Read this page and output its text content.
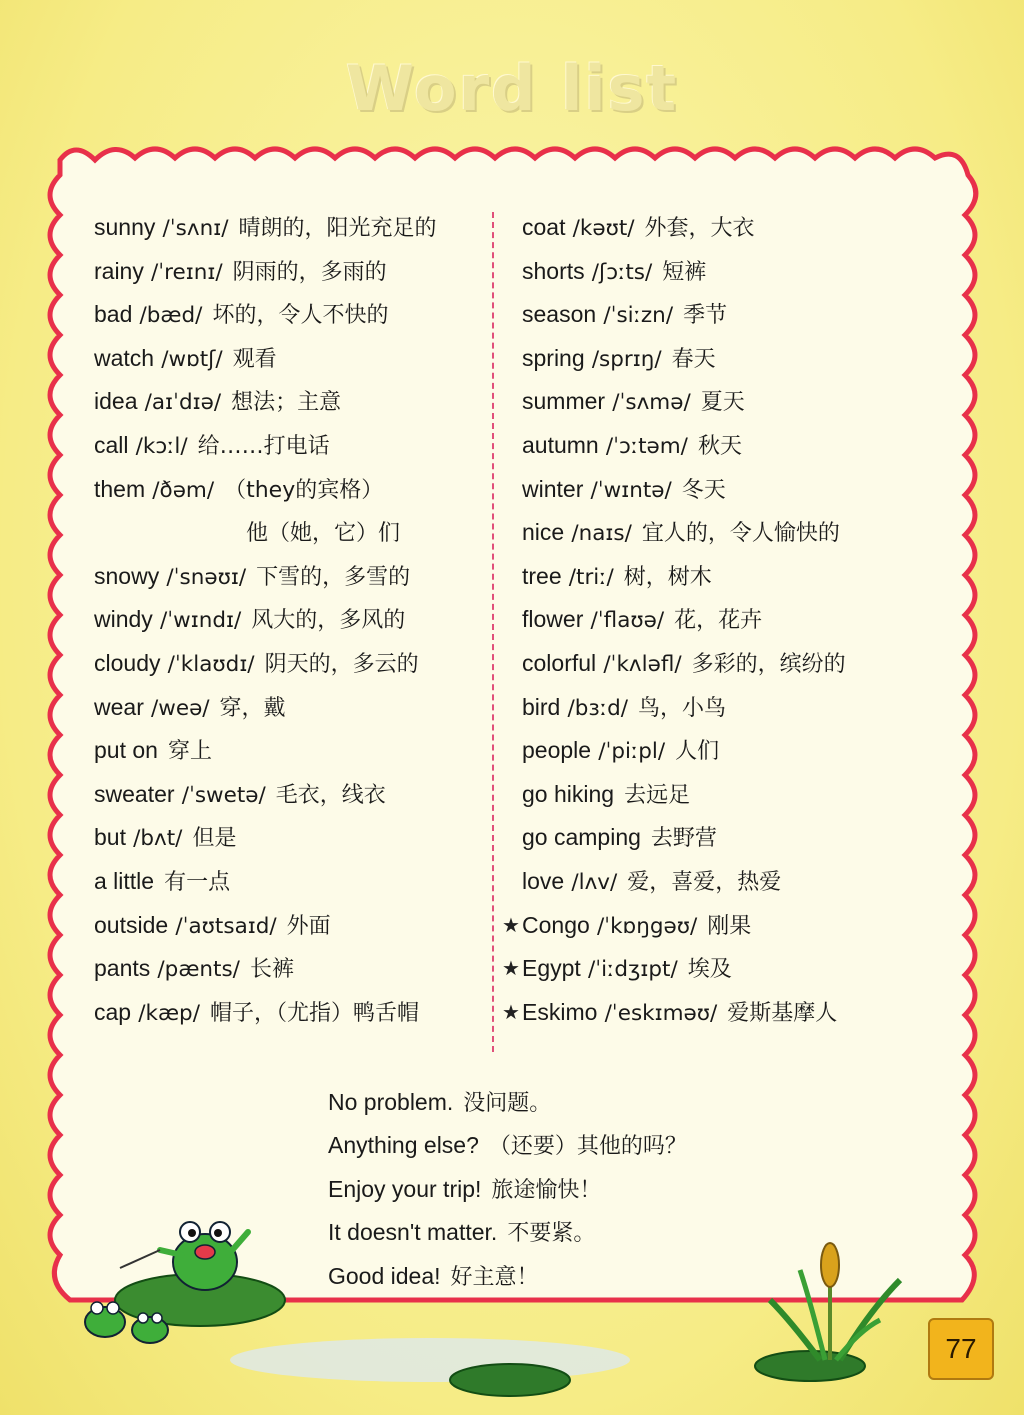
Word list
sunny /ˈsʌnɪ/ 晴朗的，阳光充足的
rainy /ˈreɪnɪ/ 阴雨的，多雨的
bad /bæd/ 坏的，令人不快的
watch /wɒtʃ/ 观看
idea /aɪˈdɪə/ 想法；主意
call /kɔːl/ 给……打电话
them /ðəm/ （they的宾格）
他（她，它）们
snowy /ˈsnəʊɪ/ 下雪的，多雪的
windy /ˈwɪndɪ/ 风大的，多风的
cloudy /ˈklaʊdɪ/ 阴天的，多云的
wear /weə/ 穿，戴
put on 穿上
sweater /ˈswetə/ 毛衣，线衣
but /bʌt/ 但是
a little 有一点
outside /ˈaʊtsaɪd/ 外面
pants /pænts/ 长裤
cap /kæp/ 帽子，（尤指）鸭舌帽
coat /kəʊt/ 外套，大衣
shorts /ʃɔːts/ 短裤
season /ˈsiːzn/ 季节
spring /sprɪŋ/ 春天
summer /ˈsʌmə/ 夏天
autumn /ˈɔːtəm/ 秋天
winter /ˈwɪntə/ 冬天
nice /naɪs/ 宜人的，令人愉快的
tree /triː/ 树，树木
flower /ˈflaʊə/ 花，花卉
colorful /ˈkʌləfl/ 多彩的，缤纷的
bird /bɜːd/ 鸟，小鸟
people /ˈpiːpl/ 人们
go hiking 去远足
go camping 去野营
love /lʌv/ 爱，喜爱，热爱
★ Congo /ˈkɒŋgəʊ/ 刚果
★ Egypt /ˈiːdʒɪpt/ 埃及
★ Eskimo /ˈeskɪməʊ/ 爱斯基摩人
No problem. 没问题。
Anything else? （还要）其他的吗？
Enjoy your trip! 旅途愉快！
It doesn't matter. 不要紧。
Good idea! 好主意！
77
